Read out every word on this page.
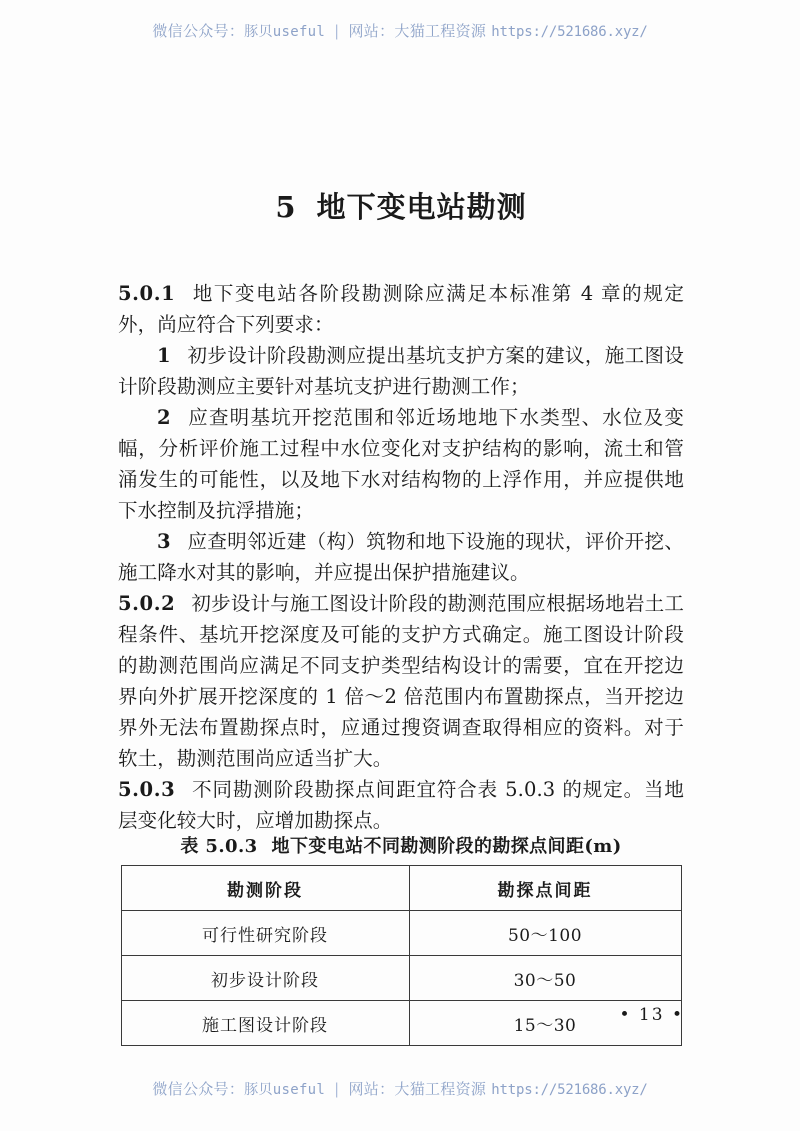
微信公众号：豚贝useful | 网站：大猫工程资源 https://521686.xyz/
5 地下变电站勘测

5.0.1 地下变电站各阶段勘测除应满足本标准第 4 章的规定外，尚应符合下列要求：

1 初步设计阶段勘测应提出基坑支护方案的建议，施工图设计阶段勘测应主要针对基坑支护进行勘测工作；

2 应查明基坑开挖范围和邻近场地地下水类型、水位及变幅，分析评价施工过程中水位变化对支护结构的影响，流土和管涌发生的可能性，以及地下水对结构物的上浮作用，并应提供地下水控制及抗浮措施；

3 应查明邻近建（构）筑物和地下设施的现状，评价开挖、施工降水对其的影响，并应提出保护措施建议。

5.0.2 初步设计与施工图设计阶段的勘测范围应根据场地岩土工程条件、基坑开挖深度及可能的支护方式确定。施工图设计阶段的勘测范围尚应满足不同支护类型结构设计的需要，宜在开挖边界向外扩展开挖深度的 1 倍～2 倍范围内布置勘探点，当开挖边界外无法布置勘探点时，应通过搜资调查取得相应的资料。对于软土，勘测范围尚应适当扩大。

5.0.3 不同勘测阶段勘探点间距宜符合表 5.0.3 的规定。当地层变化较大时，应增加勘探点。

表 5.0.3 地下变电站不同勘测阶段的勘探点间距(m)
勘测阶段	勘探点间距
可行性研究阶段	50～100
初步设计阶段	30～50
施工图设计阶段	15～30
• 13 •
微信公众号：豚贝useful | 网站：大猫工程资源 https://521686.xyz/
